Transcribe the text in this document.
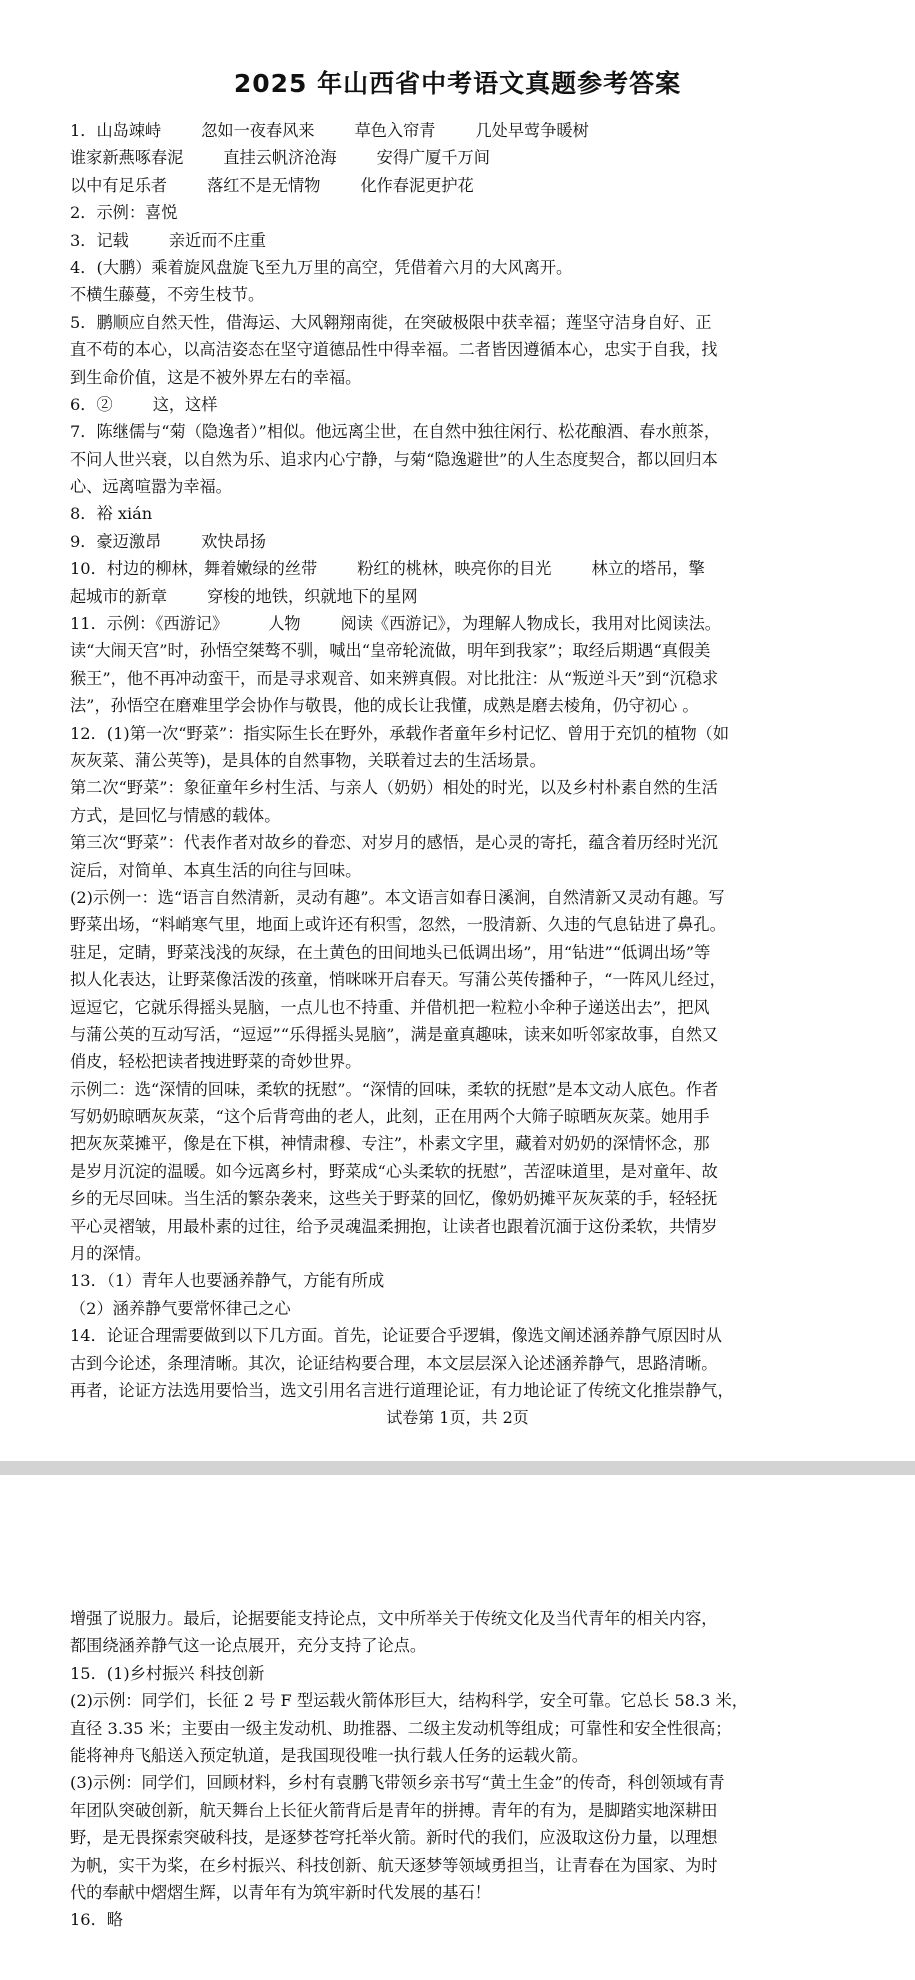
2025 年山西省中考语文真题参考答案
1．山岛竦峙 忽如一夜春风来 草色入帘青 几处早莺争暖树
谁家新燕啄春泥 直挂云帆济沧海 安得广厦千万间
以中有足乐者 落红不是无情物 化作春泥更护花
2．示例：喜悦
3．记载 亲近而不庄重
4．(大鹏）乘着旋风盘旋飞至九万里的高空，凭借着六月的大风离开。
不横生藤蔓，不旁生枝节。
5．鹏顺应自然天性，借海运、大风翱翔南徙，在突破极限中获幸福；莲坚守洁身自好、正
直不苟的本心，以高洁姿态在坚守道德品性中得幸福。二者皆因遵循本心，忠实于自我，找
到生命价值，这是不被外界左右的幸福。
6．② 这，这样
7．陈继儒与“菊（隐逸者）”相似。他远离尘世，在自然中独往闲行、松花酿酒、春水煎茶，
不问人世兴衰，以自然为乐、追求内心宁静，与菊“隐逸避世”的人生态度契合，都以回归本
心、远离喧嚣为幸福。
8．裕 xián
9．豪迈激昂 欢快昂扬
10．村边的柳林，舞着嫩绿的丝带 粉红的桃林，映亮你的目光 林立的塔吊，擎
起城市的新章 穿梭的地铁，织就地下的星网
11．示例：《西游记》 人物 阅读《西游记》，为理解人物成长，我用对比阅读法。
读“大闹天宫”时，孙悟空桀骜不驯，喊出“皇帝轮流做，明年到我家”；取经后期遇“真假美
猴王”，他不再冲动蛮干，而是寻求观音、如来辨真假。对比批注：从“叛逆斗天”到“沉稳求
法”，孙悟空在磨难里学会协作与敬畏，他的成长让我懂，成熟是磨去棱角，仍守初心 。
12．(1)第一次“野菜”：指实际生长在野外，承载作者童年乡村记忆、曾用于充饥的植物（如
灰灰菜、蒲公英等)，是具体的自然事物，关联着过去的生活场景。
第二次“野菜”：象征童年乡村生活、与亲人（奶奶）相处的时光，以及乡村朴素自然的生活
方式，是回忆与情感的载体。
第三次“野菜”：代表作者对故乡的眷恋、对岁月的感悟，是心灵的寄托，蕴含着历经时光沉
淀后，对简单、本真生活的向往与回味。
(2)示例一：选“语言自然清新，灵动有趣”。本文语言如春日溪涧，自然清新又灵动有趣。写
野菜出场，“料峭寒气里，地面上或许还有积雪，忽然，一股清新、久违的气息钻进了鼻孔。
驻足，定睛，野菜浅浅的灰绿，在土黄色的田间地头已低调出场”，用“钻进”“低调出场”等
拟人化表达，让野菜像活泼的孩童，悄咪咪开启春天。写蒲公英传播种子，“一阵风儿经过，
逗逗它，它就乐得摇头晃脑，一点儿也不持重、并借机把一粒粒小伞种子递送出去”，把风
与蒲公英的互动写活，“逗逗”“乐得摇头晃脑”，满是童真趣味，读来如听邻家故事，自然又
俏皮，轻松把读者拽进野菜的奇妙世界。
示例二：选“深情的回味，柔软的抚慰”。“深情的回味，柔软的抚慰”是本文动人底色。作者
写奶奶晾晒灰灰菜，“这个后背弯曲的老人，此刻，正在用两个大筛子晾晒灰灰菜。她用手
把灰灰菜摊平，像是在下棋，神情肃穆、专注”，朴素文字里，藏着对奶奶的深情怀念，那
是岁月沉淀的温暖。如今远离乡村，野菜成“心头柔软的抚慰”，苦涩味道里，是对童年、故
乡的无尽回味。当生活的繁杂袭来，这些关于野菜的回忆，像奶奶摊平灰灰菜的手，轻轻抚
平心灵褶皱，用最朴素的过往，给予灵魂温柔拥抱，让读者也跟着沉湎于这份柔软，共情岁
月的深情。
13．（1）青年人也要涵养静气，方能有所成
（2）涵养静气要常怀律己之心
14．论证合理需要做到以下几方面。首先，论证要合乎逻辑，像选文阐述涵养静气原因时从
古到今论述，条理清晰。其次，论证结构要合理，本文层层深入论述涵养静气，思路清晰。
再者，论证方法选用要恰当，选文引用名言进行道理论证，有力地论证了传统文化推崇静气，
试卷第 1页，共 2页
增强了说服力。最后，论据要能支持论点，文中所举关于传统文化及当代青年的相关内容，
都围绕涵养静气这一论点展开，充分支持了论点。
15．(1)乡村振兴 科技创新
(2)示例：同学们，长征 2 号 F 型运载火箭体形巨大，结构科学，安全可靠。它总长 58.3 米，
直径 3.35 米；主要由一级主发动机、助推器、二级主发动机等组成；可靠性和安全性很高；
能将神舟飞船送入预定轨道，是我国现役唯一执行载人任务的运载火箭。
(3)示例：同学们，回顾材料，乡村有袁鹏飞带领乡亲书写“黄土生金”的传奇，科创领域有青
年团队突破创新，航天舞台上长征火箭背后是青年的拼搏。青年的有为，是脚踏实地深耕田
野，是无畏探索突破科技，是逐梦苍穹托举火箭。新时代的我们，应汲取这份力量，以理想
为帆，实干为桨，在乡村振兴、科技创新、航天逐梦等领域勇担当，让青春在为国家、为时
代的奉献中熠熠生辉，以青年有为筑牢新时代发展的基石！
16．略
